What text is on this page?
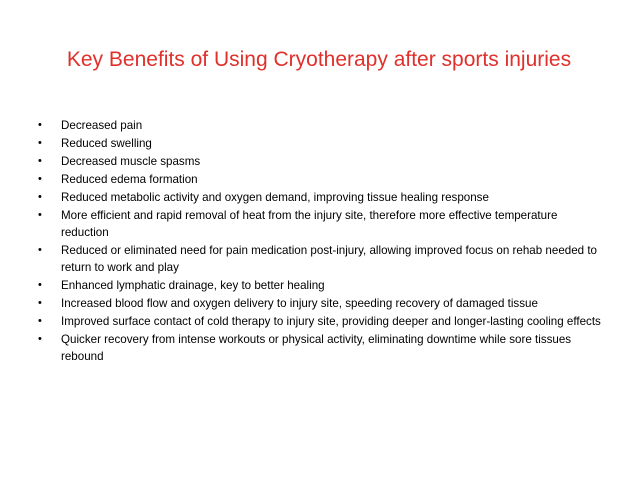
Key Benefits of Using Cryotherapy after sports injuries
•	Decreased pain
•	Reduced swelling
•	Decreased muscle spasms
•	Reduced edema formation
•	Reduced metabolic activity and oxygen demand, improving tissue healing response
•	More efficient and rapid removal of heat from the injury site, therefore more effective temperature reduction
•	Reduced or eliminated need for pain medication post-injury, allowing improved focus on rehab needed to return to work and play
•	Enhanced lymphatic drainage, key to better healing
•	Increased blood flow and oxygen delivery to injury site, speeding recovery of damaged tissue
•	Improved surface contact of cold therapy to injury site, providing deeper and longer-lasting cooling effects
•	Quicker recovery from intense workouts or physical activity, eliminating downtime while sore tissues rebound
